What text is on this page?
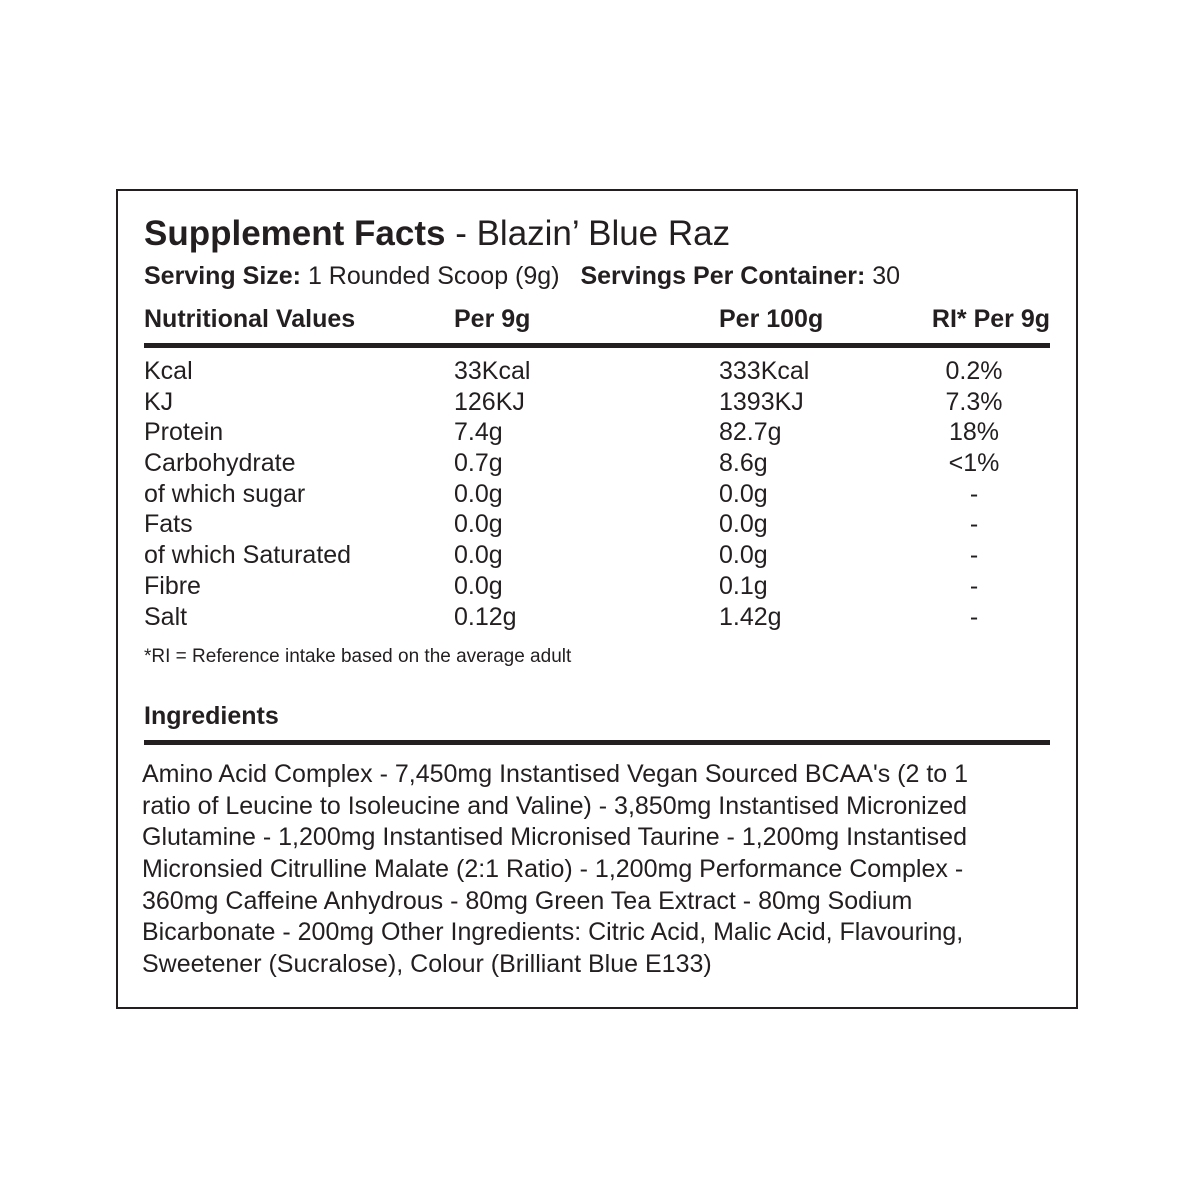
Supplement Facts - Blazin’ Blue Raz
Serving Size: 1 Rounded Scoop (9g) Servings Per Container: 30
Nutritional Values	Per 9g	Per 100g	RI* Per 9g
Kcal	33Kcal	333Kcal	0.2%
KJ	126KJ	1393KJ	7.3%
Protein	7.4g	82.7g	18%
Carbohydrate	0.7g	8.6g	<1%
of which sugar	0.0g	0.0g	-
Fats	0.0g	0.0g	-
of which Saturated	0.0g	0.0g	-
Fibre	0.0g	0.1g	-
Salt	0.12g	1.42g	-
*RI = Reference intake based on the average adult
Ingredients
Amino Acid Complex - 7,450mg Instantised Vegan Sourced BCAA's (2 to 1 ratio of Leucine to Isoleucine and Valine) - 3,850mg Instantised Micronized Glutamine - 1,200mg Instantised Micronised Taurine - 1,200mg Instantised Micronsied Citrulline Malate (2:1 Ratio) - 1,200mg Performance Complex - 360mg Caffeine Anhydrous - 80mg Green Tea Extract - 80mg Sodium Bicarbonate - 200mg Other Ingredients: Citric Acid, Malic Acid, Flavouring, Sweetener (Sucralose), Colour (Brilliant Blue E133)
